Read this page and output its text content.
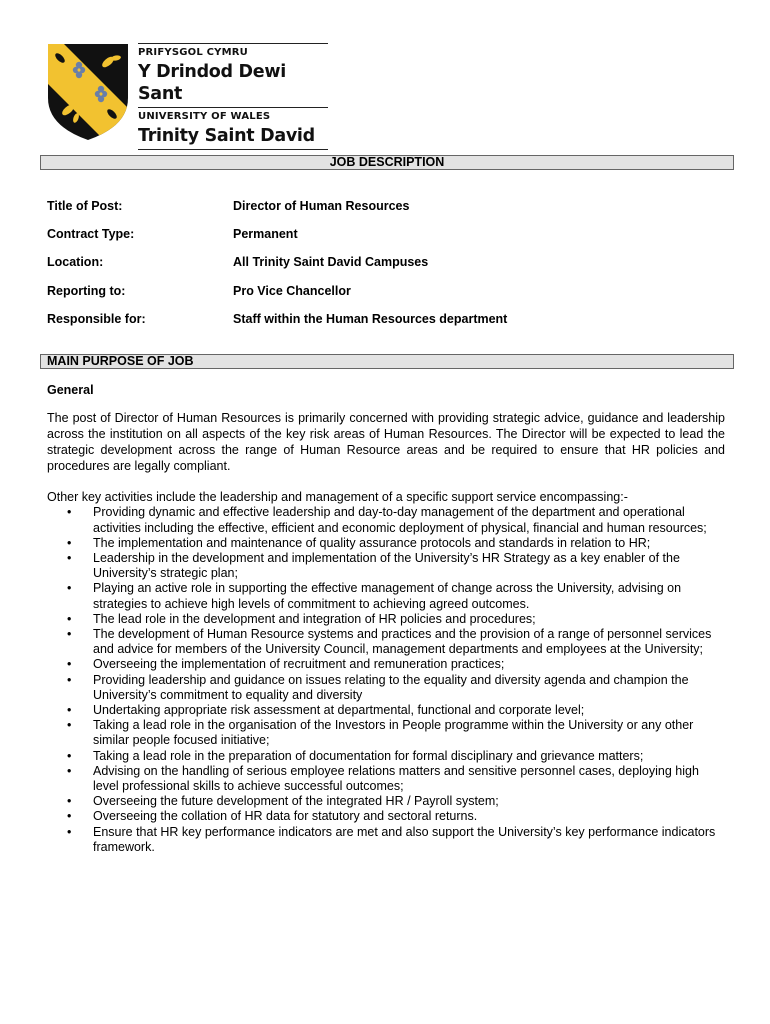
PRIFYSGOL CYMRU
Y Drindod Dewi Sant
UNIVERSITY OF WALES
Trinity Saint David
JOB DESCRIPTION
Title of Post:	Director of Human Resources
Contract Type:	Permanent
Location:	All Trinity Saint David Campuses
Reporting to:	Pro Vice Chancellor
Responsible for:	Staff within the Human Resources department
MAIN PURPOSE OF JOB
General

The post of Director of Human Resources is primarily concerned with providing strategic advice, guidance and leadership across the institution on all aspects of the key risk areas of Human Resources. The Director will be expected to lead the strategic development across the range of Human Resource areas and be required to ensure that HR policies and procedures are legally compliant.

Other key activities include the leadership and management of a specific support service encompassing:-

• Providing dynamic and effective leadership and day-to-day management of the department and operational activities including the effective, efficient and economic deployment of physical, financial and human resources;
• The implementation and maintenance of quality assurance protocols and standards in relation to HR;
• Leadership in the development and implementation of the University’s HR Strategy as a key enabler of the University’s strategic plan;
• Playing an active role in supporting the effective management of change across the University, advising on strategies to achieve high levels of commitment to achieving agreed outcomes.
• The lead role in the development and integration of HR policies and procedures;
• The development of Human Resource systems and practices and the provision of a range of personnel services and advice for members of the University Council, management departments and employees at the University;
• Overseeing the implementation of recruitment and remuneration practices;
• Providing leadership and guidance on issues relating to the equality and diversity agenda and champion the University’s commitment to equality and diversity
• Undertaking appropriate risk assessment at departmental, functional and corporate level;
• Taking a lead role in the organisation of the Investors in People programme within the University or any other similar people focused initiative;
• Taking a lead role in the preparation of documentation for formal disciplinary and grievance matters;
• Advising on the handling of serious employee relations matters and sensitive personnel cases, deploying high level professional skills to achieve successful outcomes;
• Overseeing the future development of the integrated HR / Payroll system;
• Overseeing the collation of HR data for statutory and sectoral returns.
• Ensure that HR key performance indicators are met and also support the University’s key performance indicators framework.
